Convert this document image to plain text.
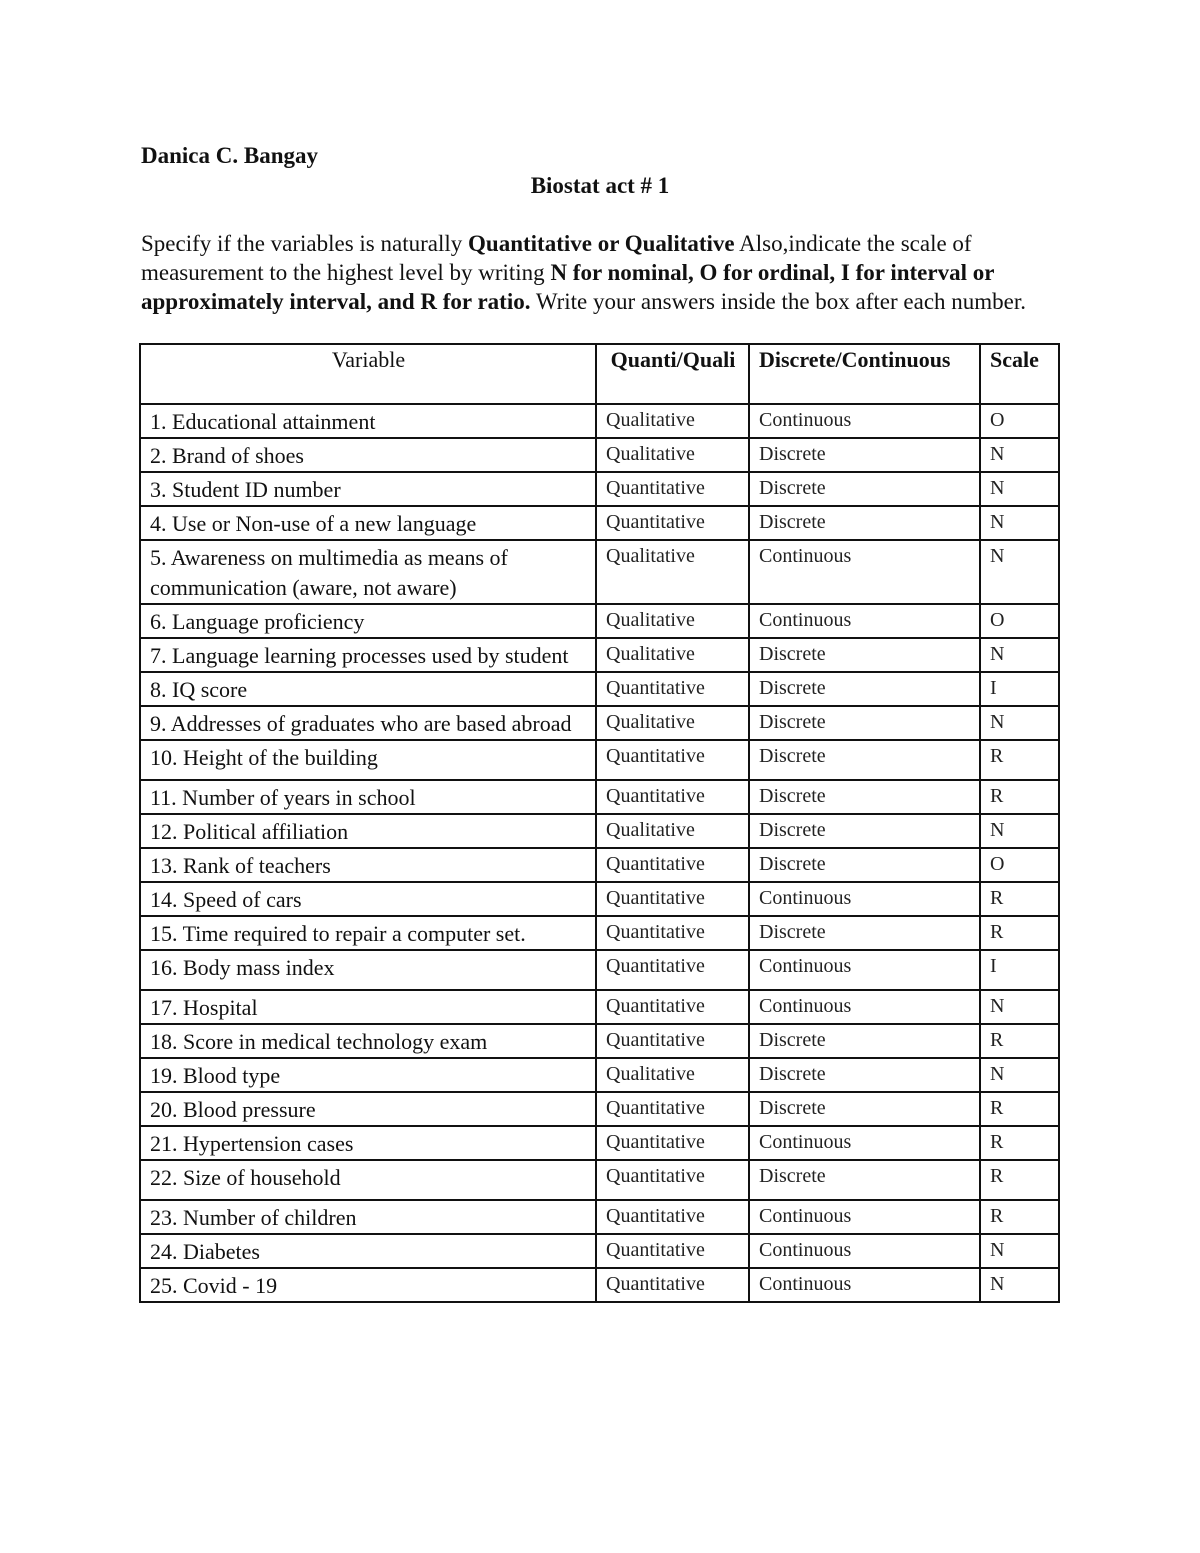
Danica C. Bangay
Biostat act # 1
Specify if the variables is naturally Quantitative or Qualitative Also,indicate the scale of measurement to the highest level by writing N for nominal, O for ordinal, I for interval or approximately interval, and R for ratio. Write your answers inside the box after each number.
Variable	Quanti/Quali	Discrete/Continuous	Scale
1. Educational attainment	Qualitative	Continuous	O
2. Brand of shoes	Qualitative	Discrete	N
3. Student ID number	Quantitative	Discrete	N
4. Use or Non-use of a new language	Quantitative	Discrete	N
5. Awareness on multimedia as means of communication (aware, not aware)	Qualitative	Continuous	N
6. Language proficiency	Qualitative	Continuous	O
7. Language learning processes used by student	Qualitative	Discrete	N
8. IQ score	Quantitative	Discrete	I
9. Addresses of graduates who are based abroad	Qualitative	Discrete	N
10. Height of the building	Quantitative	Discrete	R
11. Number of years in school	Quantitative	Discrete	R
12. Political affiliation	Qualitative	Discrete	N
13. Rank of teachers	Quantitative	Discrete	O
14. Speed of cars	Quantitative	Continuous	R
15. Time required to repair a computer set.	Quantitative	Discrete	R
16. Body mass index	Quantitative	Continuous	I
17. Hospital	Quantitative	Continuous	N
18. Score in medical technology exam	Quantitative	Discrete	R
19. Blood type	Qualitative	Discrete	N
20. Blood pressure	Quantitative	Discrete	R
21. Hypertension cases	Quantitative	Continuous	R
22. Size of household	Quantitative	Discrete	R
23. Number of children	Quantitative	Continuous	R
24. Diabetes	Quantitative	Continuous	N
25. Covid - 19	Quantitative	Continuous	N
